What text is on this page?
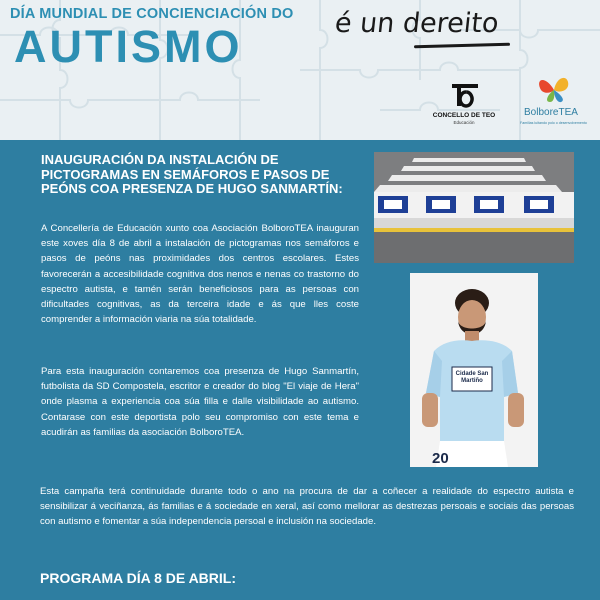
DÍA MUNDIAL DE CONCIENCIACIÓN DO
AUTISMO	é un dereito
CONCELLO DE TEO
Educación
BolboreTEA
Familias luitando polo o desenvolvemento
INAUGURACIÓN DA INSTALACIÓN DE PICTOGRAMAS EN SEMÁFOROS E PASOS DE PEÓNS COA PRESENZA DE HUGO SANMARTÍN:
A Concellería de Educación xunto coa Asociación BolboroTEA inauguran este xoves día 8 de abril a instalación de pictogramas nos semáforos e pasos de peóns nas proximidades dos centros escolares. Estes favorecerán a accesibilidade cognitiva dos nenos e nenas co trastorno do espectro autista, e tamén serán beneficiosos para as persoas con dificultades cognitivas, as da terceira idade e ás que lles coste comprender a información viaria na súa totalidade.
Para esta inauguración contaremos coa presenza de Hugo Sanmartín, futbolista da SD Compostela, escritor e creador do blog "El viaje de Hera" onde plasma a experiencia coa súa filla e dalle visibilidade ao autismo. Contarase con este deportista polo seu compromiso con este tema e acudirán as familias da asociación BolboroTEA.
Esta campaña terá continuidade durante todo o ano na procura de dar a coñecer a realidade do espectro autista e sensibilizar á veciñanza, ás familias e á sociedade en xeral, así como mellorar as destrezas persoais e sociais das persoas con autismo e fomentar a súa independencia persoal e inclusión na sociedade.
PROGRAMA DÍA 8 DE ABRIL:
Cidade San Martiño
20
